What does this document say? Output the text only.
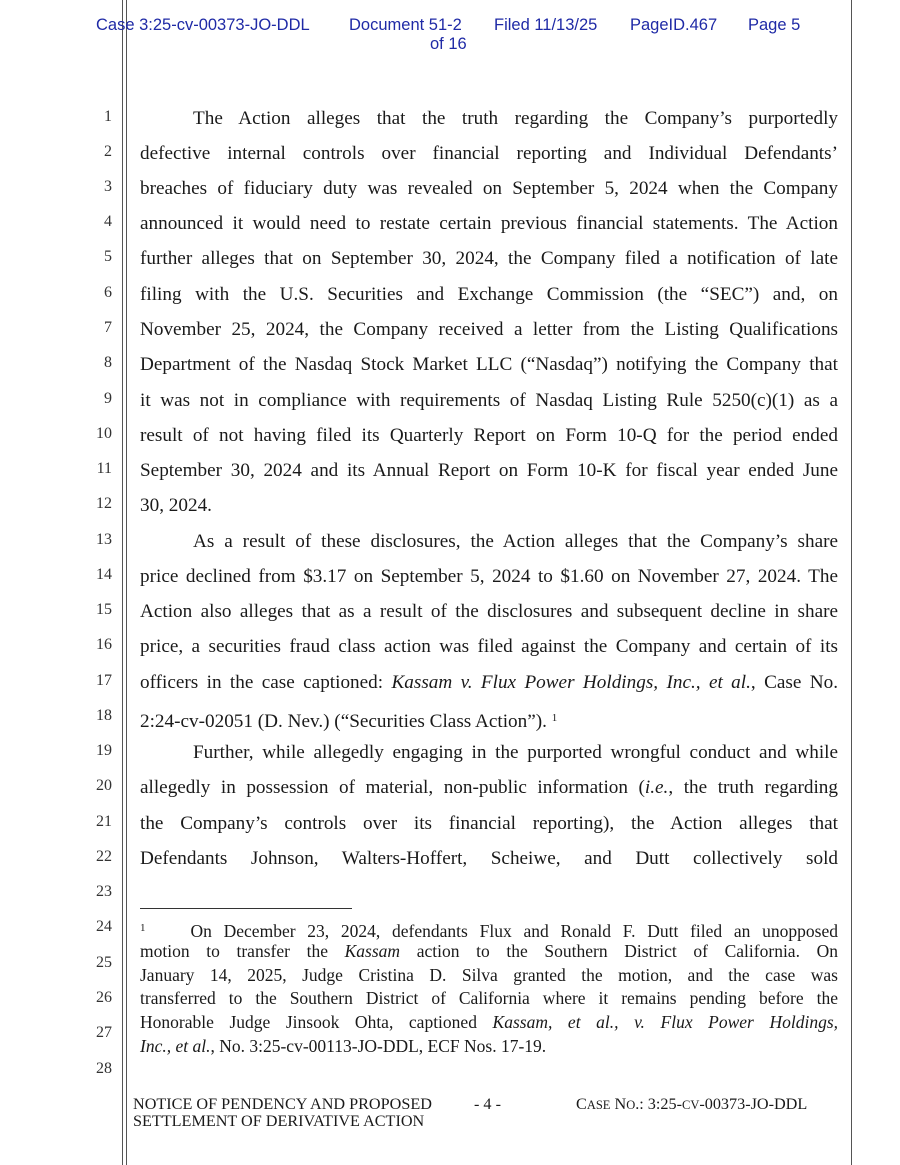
Case 3:25-cv-00373-JO-DDL Document 51-2
of 16
Filed 11/13/25 PageID.467 Page 5
1
2
3
4
5
6
7
8
9
10
11
12
13
14
15
16
17
18
19
20
21
22
23
24
25
26
27
28
The Action alleges that the truth regarding the Company’s purportedly
defective internal controls over financial reporting and Individual Defendants’
breaches of fiduciary duty was revealed on September 5, 2024 when the Company
announced it would need to restate certain previous financial statements. The Action
further alleges that on September 30, 2024, the Company filed a notification of late
filing with the U.S. Securities and Exchange Commission (the “SEC”) and, on
November 25, 2024, the Company received a letter from the Listing Qualifications
Department of the Nasdaq Stock Market LLC (“Nasdaq”) notifying the Company that
it was not in compliance with requirements of Nasdaq Listing Rule 5250(c)(1) as a
result of not having filed its Quarterly Report on Form 10-Q for the period ended
September 30, 2024 and its Annual Report on Form 10-K for fiscal year ended June
30, 2024.
As a result of these disclosures, the Action alleges that the Company’s share
price declined from $3.17 on September 5, 2024 to $1.60 on November 27, 2024. The
Action also alleges that as a result of the disclosures and subsequent decline in share
price, a securities fraud class action was filed against the Company and certain of its
officers in the case captioned: Kassam v. Flux Power Holdings, Inc., et al., Case No.
2:24-cv-02051 (D. Nev.) (“Securities Class Action”). $^1$
Further, while allegedly engaging in the purported wrongful conduct and while
allegedly in possession of material, non-public information (i.e., the truth regarding
the Company’s controls over its financial reporting), the Action alleges that
Defendants Johnson, Walters-Hoffert, Scheiwe, and Dutt collectively sold
$^1$	On December 23, 2024, defendants Flux and Ronald F. Dutt filed an unopposed
motion to transfer the Kassam action to the Southern District of California. On
January 14, 2025, Judge Cristina D. Silva granted the motion, and the case was
transferred to the Southern District of California where it remains pending before the
Honorable Judge Jinsook Ohta, captioned Kassam, et al., v. Flux Power Holdings,
Inc., et al., No. 3:25-cv-00113-JO-DDL, ECF Nos. 17-19.
NOTICE OF PENDENCY AND PROPOSED
SETTLEMENT OF DERIVATIVE ACTION
- 4 -	CASE NO.: 3:25-CV-00373-JO-DDL
